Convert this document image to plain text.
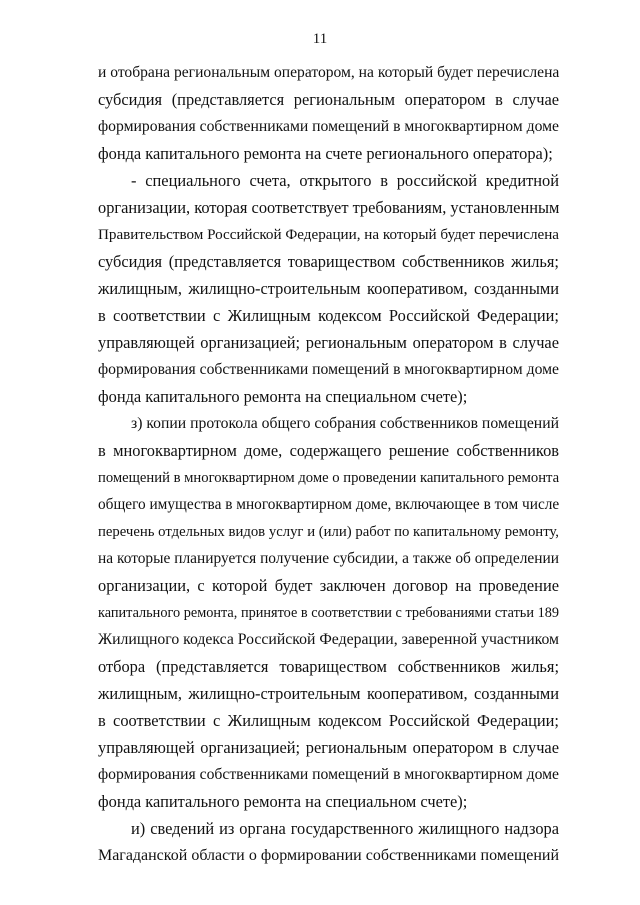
11
и отобрана региональным оператором, на который будет перечислена
субсидия (представляется региональным оператором в случае
формирования собственниками помещений в многоквартирном доме
фонда капитального ремонта на счете регионального оператора);
- специального счета, открытого в российской кредитной
организации, которая соответствует требованиям, установленным
Правительством Российской Федерации, на который будет перечислена
субсидия (представляется товариществом собственников жилья;
жилищным, жилищно-строительным кооперативом, созданными
в соответствии с Жилищным кодексом Российской Федерации;
управляющей организацией; региональным оператором в случае
формирования собственниками помещений в многоквартирном доме
фонда капитального ремонта на специальном счете);
з) копии протокола общего собрания собственников помещений
в многоквартирном доме, содержащего решение собственников
помещений в многоквартирном доме о проведении капитального ремонта
общего имущества в многоквартирном доме, включающее в том числе
перечень отдельных видов услуг и (или) работ по капитальному ремонту,
на которые планируется получение субсидии, а также об определении
организации, с которой будет заключен договор на проведение
капитального ремонта, принятое в соответствии с требованиями статьи 189
Жилищного кодекса Российской Федерации, заверенной участником
отбора (представляется товариществом собственников жилья;
жилищным, жилищно-строительным кооперативом, созданными
в соответствии с Жилищным кодексом Российской Федерации;
управляющей организацией; региональным оператором в случае
формирования собственниками помещений в многоквартирном доме
фонда капитального ремонта на специальном счете);
и) сведений из органа государственного жилищного надзора
Магаданской области о формировании собственниками помещений
